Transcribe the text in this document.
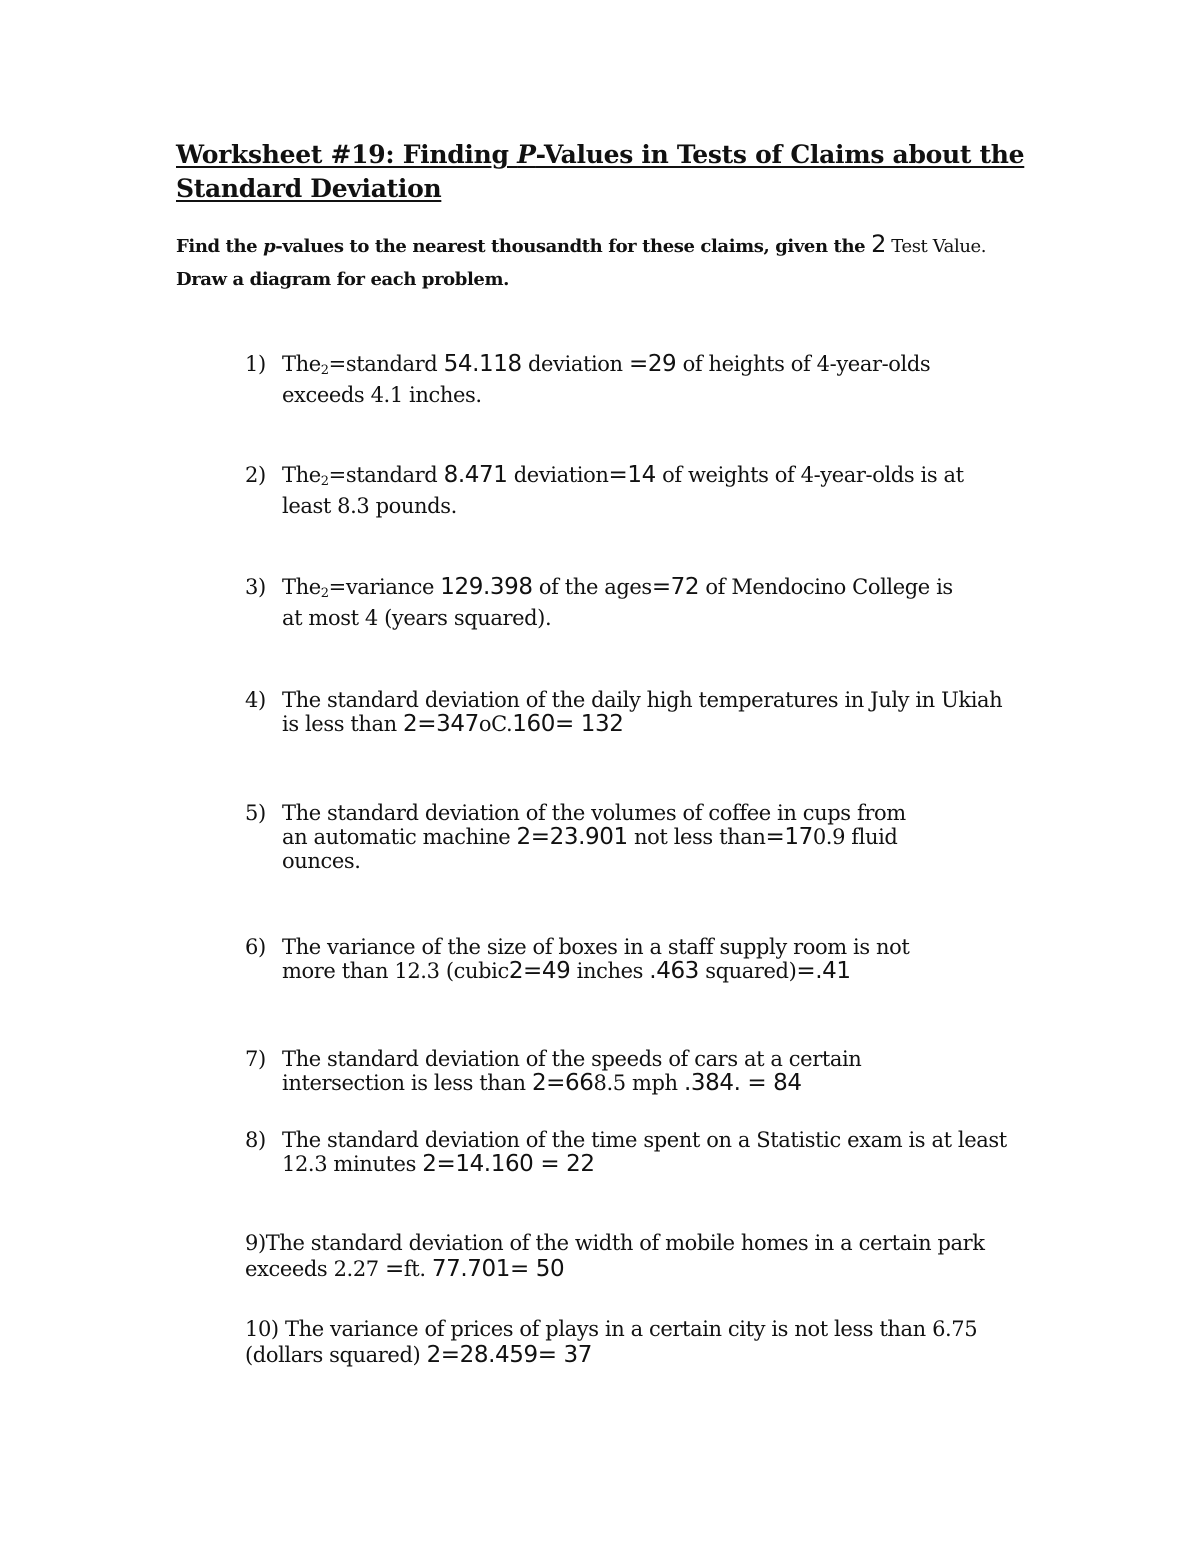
Worksheet #19: Finding P-Values in Tests of Claims about the
Standard Deviation
Find the p-values to the nearest thousandth for these claims, given the 2 Test Value.
Draw a diagram for each problem.
1) The$_2$=standard 54.118 deviation =29 of heights of 4-year-olds
exceeds 4.1 inches.
2) The$_2$=standard 8.471 deviation=14 of weights of 4-year-olds is at
least 8.3 pounds.
3) The$_2$=variance 129.398 of the ages=72 of Mendocino College is
at most 4 (years squared).
4) The standard deviation of the daily high temperatures in July in Ukiah
is less than 2=347oC.160= 132
5) The standard deviation of the volumes of coffee in cups from
an automatic machine 2=23.901 not less than=170.9 fluid
ounces.
6) The variance of the size of boxes in a staff supply room is not
more than 12.3 (cubic2=49 inches .463 squared)=.41
7) The standard deviation of the speeds of cars at a certain
intersection is less than 2=668.5 mph .384. = 84
8) The standard deviation of the time spent on a Statistic exam is at least
12.3 minutes 2=14.160 = 22
9)The standard deviation of the width of mobile homes in a certain park
exceeds 2.27 =ft. 77.701= 50
10) The variance of prices of plays in a certain city is not less than 6.75
(dollars squared) 2=28.459= 37
